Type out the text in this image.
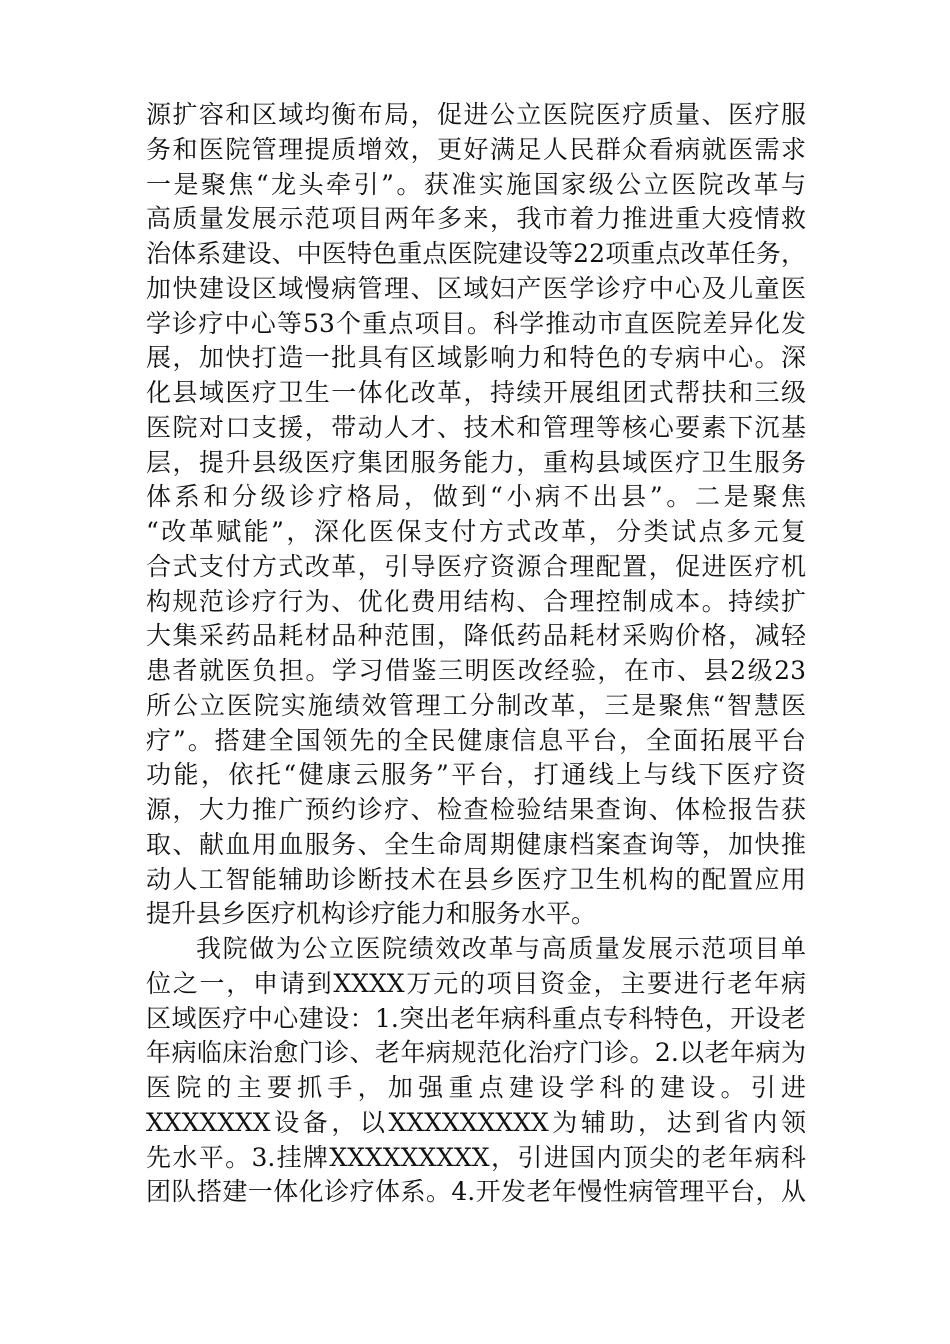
源扩容和区域均衡布局，促进公立医院医疗质量、医疗服
务和医院管理提质增效，更好满足人民群众看病就医需求
一是聚焦“龙头牵引”。获准实施国家级公立医院改革与
高质量发展示范项目两年多来，我市着力推进重大疫情救
治体系建设、中医特色重点医院建设等22项重点改革任务，
加快建设区域慢病管理、区域妇产医学诊疗中心及儿童医
学诊疗中心等53个重点项目。科学推动市直医院差异化发
展，加快打造一批具有区域影响力和特色的专病中心。深
化县域医疗卫生一体化改革，持续开展组团式帮扶和三级
医院对口支援，带动人才、技术和管理等核心要素下沉基
层，提升县级医疗集团服务能力，重构县域医疗卫生服务
体系和分级诊疗格局，做到“小病不出县”。二是聚焦
“改革赋能”，深化医保支付方式改革，分类试点多元复
合式支付方式改革，引导医疗资源合理配置，促进医疗机
构规范诊疗行为、优化费用结构、合理控制成本。持续扩
大集采药品耗材品种范围，降低药品耗材采购价格，减轻
患者就医负担。学习借鉴三明医改经验，在市、县2级23
所公立医院实施绩效管理工分制改革，三是聚焦“智慧医
疗”。搭建全国领先的全民健康信息平台，全面拓展平台
功能，依托“健康云服务”平台，打通线上与线下医疗资
源，大力推广预约诊疗、检查检验结果查询、体检报告获
取、献血用血服务、全生命周期健康档案查询等，加快推
动人工智能辅助诊断技术在县乡医疗卫生机构的配置应用
提升县乡医疗机构诊疗能力和服务水平。
我院做为公立医院绩效改革与高质量发展示范项目单
位之一，申请到XXXX万元的项目资金，主要进行老年病
区域医疗中心建设：1.突出老年病科重点专科特色，开设老
年病临床治愈门诊、老年病规范化治疗门诊。2.以老年病为
医院的主要抓手，加强重点建设学科的建设。引进
XXXXXXX设备，以XXXXXXXXX为辅助，达到省内领
先水平。3.挂牌XXXXXXXXX，引进国内顶尖的老年病科
团队搭建一体化诊疗体系。4.开发老年慢性病管理平台，从
